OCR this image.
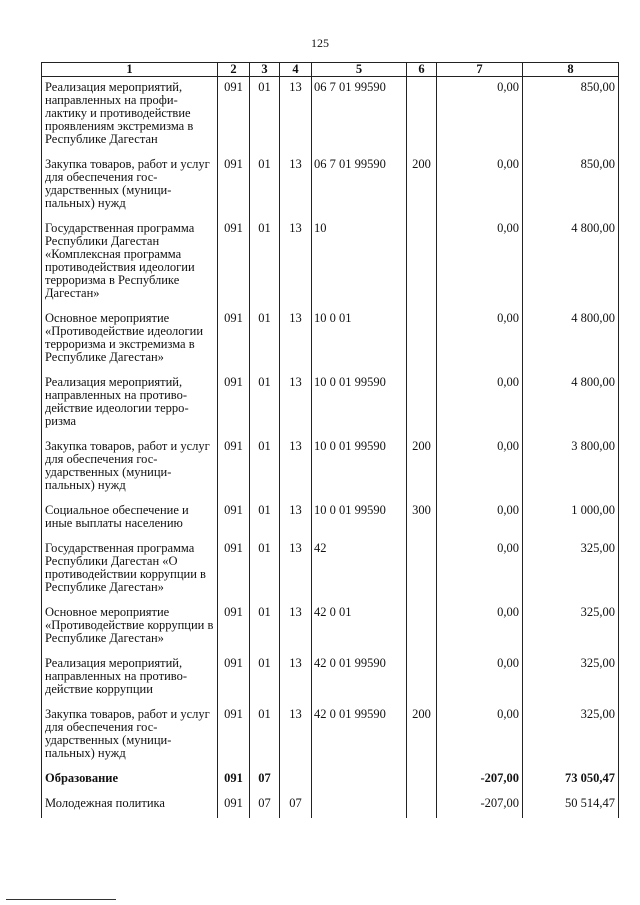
125
1	2	3	4	5	6	7	8
Реализация мероприятий, направленных на профилактику и противодействие проявлениям экстремизма в Республике Дагестан	091	01	13	06 7 01 99590		0,00	850,00
Закупка товаров, работ и услуг для обеспечения государственных (муниципальных) нужд	091	01	13	06 7 01 99590	200	0,00	850,00
Государственная программа Республики Дагестан «Комплексная программа противодействия идеологии терроризма в Республике Дагестан»	091	01	13	10		0,00	4 800,00
Основное мероприятие «Противодействие идеологии терроризма и экстремизма в Республике Дагестан»	091	01	13	10 0 01		0,00	4 800,00
Реализация мероприятий, направленных на противодействие идеологии терроризма	091	01	13	10 0 01 99590		0,00	4 800,00
Закупка товаров, работ и услуг для обеспечения государственных (муниципальных) нужд	091	01	13	10 0 01 99590	200	0,00	3 800,00
Социальное обеспечение и иные выплаты населению	091	01	13	10 0 01 99590	300	0,00	1 000,00
Государственная программа Республики Дагестан «О противодействии коррупции в Республике Дагестан»	091	01	13	42		0,00	325,00
Основное мероприятие «Противодействие коррупции в Республике Дагестан»	091	01	13	42 0 01		0,00	325,00
Реализация мероприятий, направленных на противодействие коррупции	091	01	13	42 0 01 99590		0,00	325,00
Закупка товаров, работ и услуг для обеспечения государственных (муниципальных) нужд	091	01	13	42 0 01 99590	200	0,00	325,00
Образование	091	07				-207,00	73 050,47
Молодежная политика	091	07	07			-207,00	50 514,47
